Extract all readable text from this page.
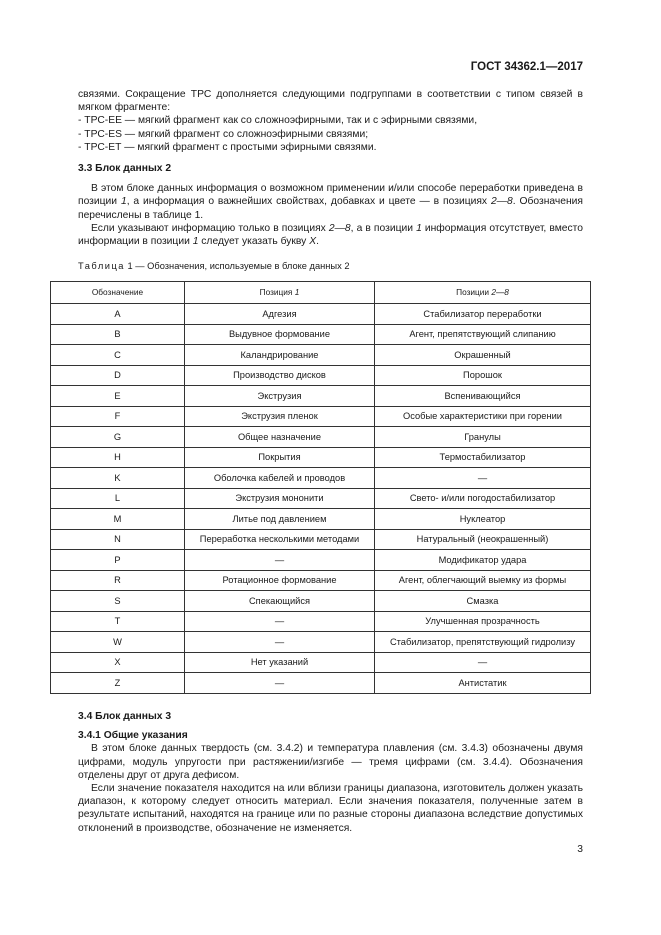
ГОСТ 34362.1—2017

связями. Сокращение ТРС дополняется следующими подгруппами в соответствии с типом связей в мягком фрагменте:

- ТРС-ЕЕ — мягкий фрагмент как со сложноэфирными, так и с эфирными связями,
- ТРС-ES — мягкий фрагмент со сложноэфирными связями;
- ТРС-ЕТ — мягкий фрагмент с простыми эфирными связями.

3.3 Блок данных 2

В этом блоке данных информация о возможном применении и/или способе переработки приведена в позиции 1, а информация о важнейших свойствах, добавках и цвете — в позициях 2—8. Обозначения перечислены в таблице 1.

Если указывают информацию только в позициях 2—8, а в позиции 1 информация отсутствует, вместо информации в позиции 1 следует указать букву X.

Таблица 1 — Обозначения, используемые в блоке данных 2

Обозначение	Позиция 1	Позиции 2—8
A	Адгезия	Стабилизатор переработки
B	Выдувное формование	Агент, препятствующий слипанию
C	Каландрирование	Окрашенный
D	Производство дисков	Порошок
E	Экструзия	Вспенивающийся
F	Экструзия пленок	Особые характеристики при горении
G	Общее назначение	Гранулы
H	Покрытия	Термостабилизатор
K	Оболочка кабелей и проводов	—
L	Экструзия мононити	Свето- и/или погодостабилизатор
M	Литье под давлением	Нуклеатор
N	Переработка несколькими методами	Натуральный (неокрашенный)
P	—	Модификатор удара
R	Ротационное формование	Агент, облегчающий выемку из формы
S	Спекающийся	Смазка
T	—	Улучшенная прозрачность
W	—	Стабилизатор, препятствующий гидролизу
X	Нет указаний	—
Z	—	Антистатик

3.4 Блок данных 3

3.4.1 Общие указания

В этом блоке данных твердость (см. 3.4.2) и температура плавления (см. 3.4.3) обозначены двумя цифрами, модуль упругости при растяжении/изгибе — тремя цифрами (см. 3.4.4). Обозначения отделены друг от друга дефисом.

Если значение показателя находится на или вблизи границы диапазона, изготовитель должен указать диапазон, к которому следует относить материал. Если значения показателя, полученные затем в результате испытаний, находятся на границе или по разные стороны диапазона вследствие допустимых отклонений в производстве, обозначение не изменяется.

3
